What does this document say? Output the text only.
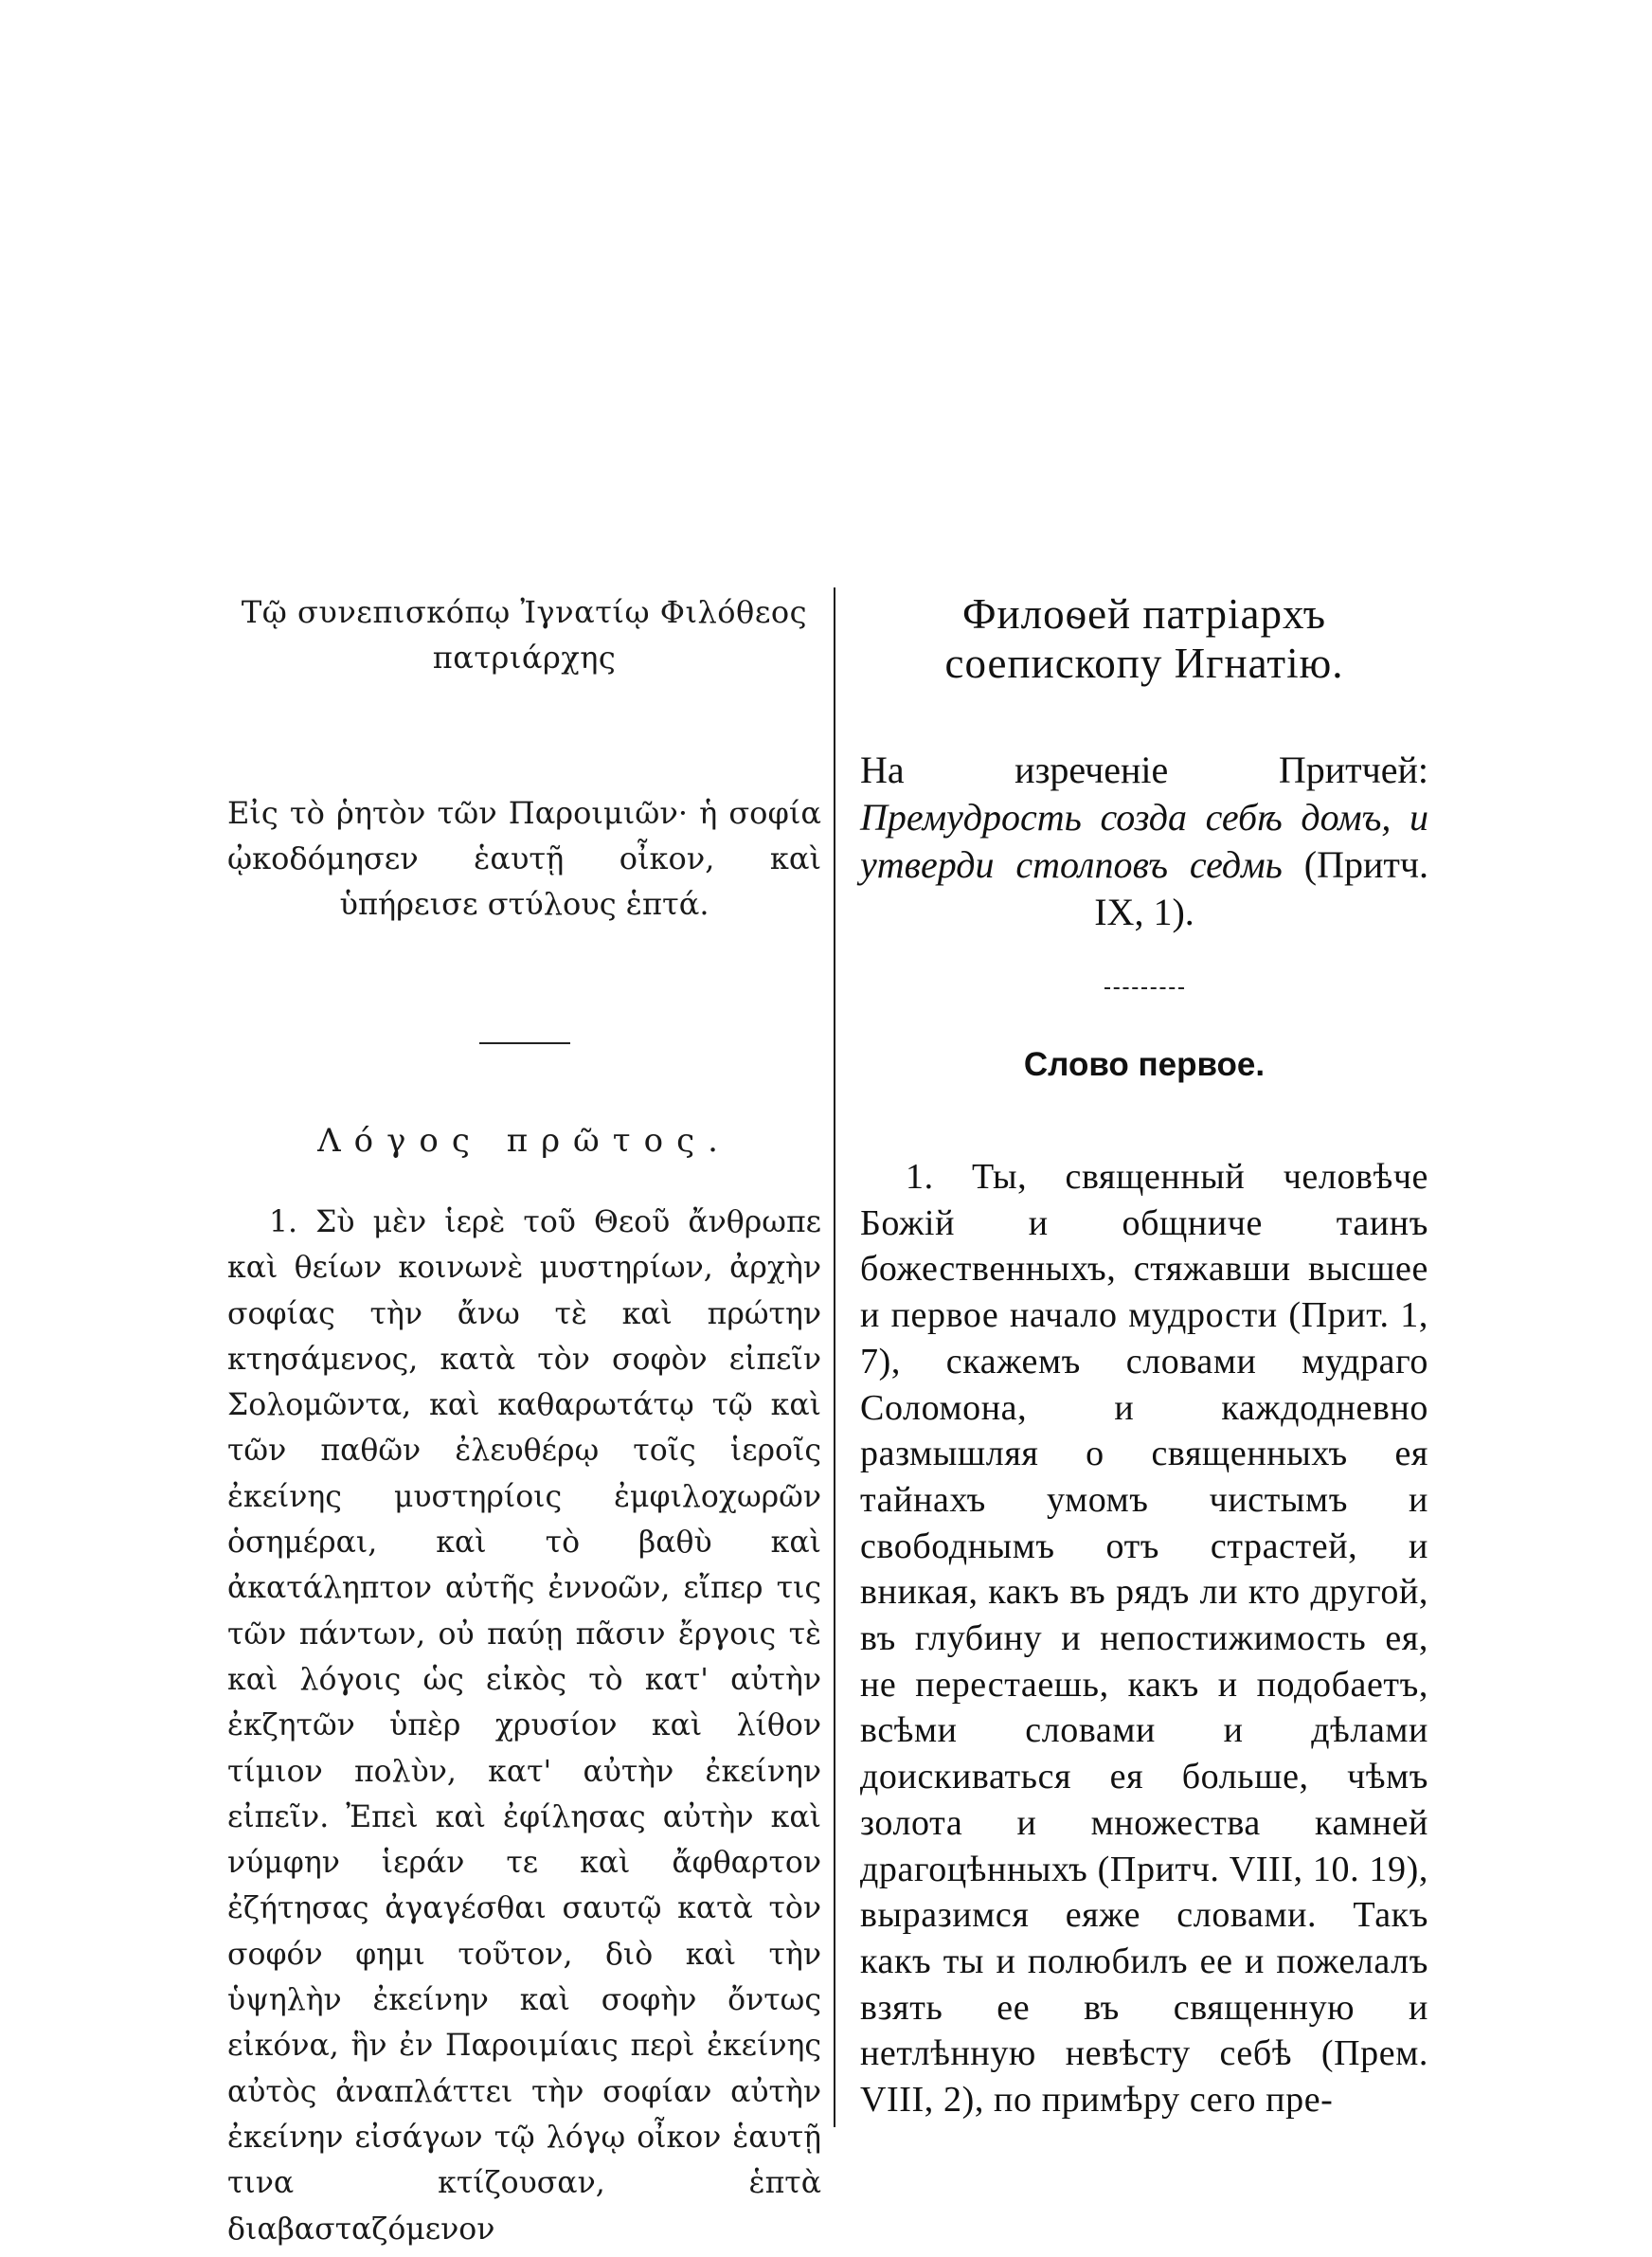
Τῷ συνεπισκόπῳ Ἰγνατίῳ Φιλόθεος πατριάρχης
Εἰς τὸ ῥητὸν τῶν Παροιμιῶν· ἡ σοφία ᾠκοδόμησεν ἑαυτῇ οἶκον, καὶ ὑπήρεισε στύλους ἑπτά.
Λόγος πρῶτος.
1. Σὺ μὲν ἱερὲ τοῦ Θεοῦ ἄνθρωπε καὶ θείων κοινωνὲ μυστηρίων, ἀρχὴν σοφίας τὴν ἄνω τὲ καὶ πρώτην κτησάμενος, κατὰ τὸν σοφὸν εἰπεῖν Σολομῶντα, καὶ καθαρωτάτῳ τῷ καὶ τῶν παθῶν ἐλευθέρῳ τοῖς ἱεροῖς ἐκείνης μυστηρίοις ἐμφιλοχωρῶν ὁσημέραι, καὶ τὸ βαθὺ καὶ ἀκατάληπτον αὐτῆς ἐννοῶν, εἴπερ τις τῶν πάντων, οὐ παύῃ πᾶσιν ἔργοις τὲ καὶ λόγοις ὡς εἰκὸς τὸ κατ' αὐτὴν ἐκζητῶν ὑπὲρ χρυσίον καὶ λίθον τίμιον πολὺν, κατ' αὐτὴν ἐκείνην εἰπεῖν. Ἐπεὶ καὶ ἐφίλησας αὐτὴν καὶ νύμφην ἱεράν τε καὶ ἄφθαρτον ἐζήτησας ἀγαγέσθαι σαυτῷ κατὰ τὸν σοφόν φημι τοῦτον, διὸ καὶ τὴν ὑψηλὴν ἐκείνην καὶ σοφὴν ὄντως εἰκόνα, ἣν ἐν Παροιμίαις περὶ ἐκείνης αὐτὸς ἀναπλάττει τὴν σοφίαν αὐτὴν ἐκείνην εἰσάγων τῷ λόγῳ οἶκον ἑαυτῇ τινα κτίζουσαν, ἑπτὰ διαβασταζόμενον
Филоѳей патріархъ соепископу Игнатію.
На изреченіе Притчей: Премудрость созда себѣ домъ, и утверди столповъ седмь (Притч. IX, 1).
Слово первое.
1. Ты, священный человѣче Божій и общниче таинъ божественныхъ, стяжавши высшее и первое начало мудрости (Прит. 1, 7), скажемъ словами мудраго Соломона, и каждодневно размышляя о священныхъ ея тайнахъ умомъ чистымъ и свободнымъ отъ страстей, и вникая, какъ въ рядъ ли кто другой, въ глубину и непостижимость ея, не перестаешь, какъ и подобаетъ, всѣми словами и дѣлами доискиваться ея больше, чѣмъ золота и множества камней драгоцѣнныхъ (Притч. VIII, 10. 19), выразимся еяже словами. Такъ какъ ты и полюбилъ ее и пожелалъ взять ее въ священную и нетлѣнную невѣсту себѣ (Прем. VIII, 2), по примѣру сего пре-
